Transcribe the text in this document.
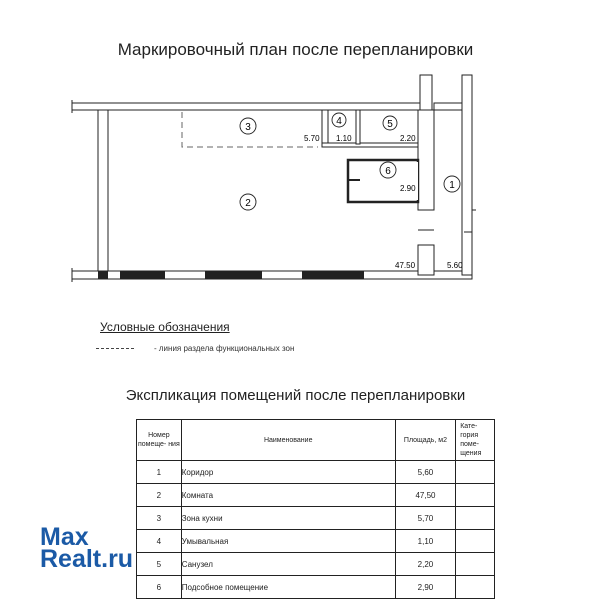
Маркировочный план после перепланировки
3
2
4	5
6
1
5.70 1.10	2.20
2.90
47.50	5.60
Условные обозначения
- линия раздела функциональных зон
Экспликация помещений после перепланировки
Номер помеще- ния	Наименование	Площадь, м2	Кате- гория поме- щения
1	Коридор	5,60	
2	Комната	47,50	
3	Зона кухни	5,70	
4	Умывальная	1,10	
5	Санузел	2,20	
6	Подсобное помещение	2,90	
Max
Realt.ru
